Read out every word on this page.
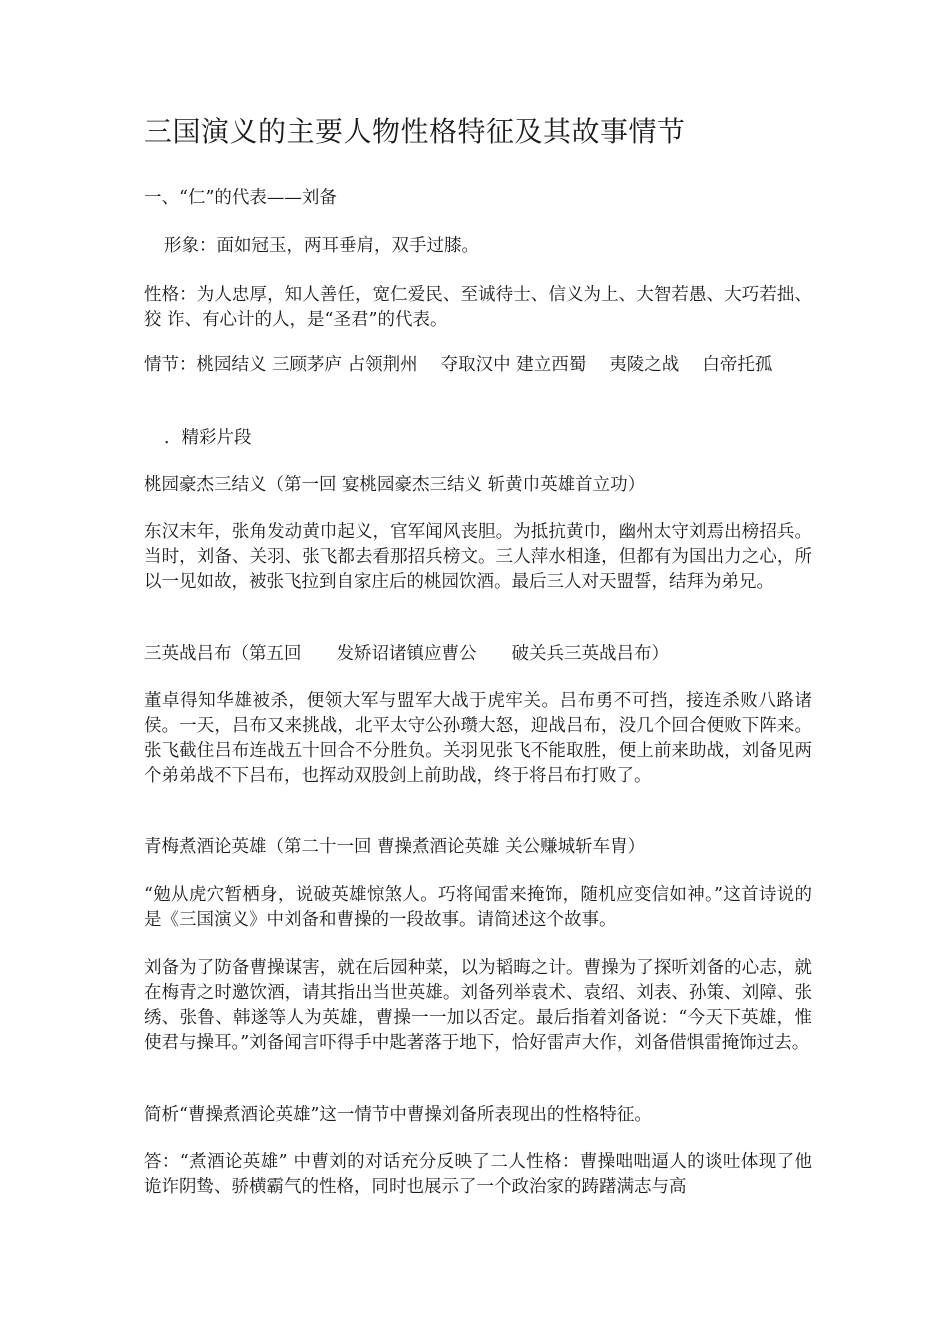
三国演义的主要人物性格特征及其故事情节
一、“仁”的代表——刘备
形象：面如冠玉，两耳垂肩，双手过膝。
性格：为人忠厚，知人善任，宽仁爱民、至诚待士、信义为上、大智若愚、大巧若拙、狡 诈、有心计的人，是“圣君”的代表。
情节：桃园结义 三顾茅庐 占领荆州　 夺取汉中 建立西蜀　 夷陵之战　 白帝托孤
．精彩片段
桃园豪杰三结义（第一回 宴桃园豪杰三结义 斩黄巾英雄首立功）
东汉末年，张角发动黄巾起义，官军闻风丧胆。为抵抗黄巾，幽州太守刘焉出榜招兵。当时，刘备、关羽、张飞都去看那招兵榜文。三人萍水相逢，但都有为国出力之心，所以一见如故，被张飞拉到自家庄后的桃园饮酒。最后三人对天盟誓，结拜为弟兄。
三英战吕布（第五回　　发矫诏诸镇应曹公　　破关兵三英战吕布）
董卓得知华雄被杀，便领大军与盟军大战于虎牢关。吕布勇不可挡，接连杀败八路诸侯。一天，吕布又来挑战，北平太守公孙瓒大怒，迎战吕布，没几个回合便败下阵来。张飞截住吕布连战五十回合不分胜负。关羽见张飞不能取胜，便上前来助战，刘备见两个弟弟战不下吕布，也挥动双股剑上前助战，终于将吕布打败了。
青梅煮酒论英雄（第二十一回 曹操煮酒论英雄 关公赚城斩车胄）
“勉从虎穴暂栖身，说破英雄惊煞人。巧将闻雷来掩饰，随机应变信如神。”这首诗说的是《三国演义》中刘备和曹操的一段故事。请简述这个故事。
刘备为了防备曹操谋害，就在后园种菜，以为韬晦之计。曹操为了探听刘备的心志，就在梅青之时邀饮酒，请其指出当世英雄。刘备列举袁术、袁绍、刘表、孙策、刘障、张绣、张鲁、韩遂等人为英雄，曹操一一加以否定。最后指着刘备说：“今天下英雄，惟使君与操耳。”刘备闻言吓得手中匙著落于地下，恰好雷声大作，刘备借惧雷掩饰过去。
简析“曹操煮酒论英雄”这一情节中曹操刘备所表现出的性格特征。
答：“煮酒论英雄” 中曹刘的对话充分反映了二人性格：曹操咄咄逼人的谈吐体现了他诡诈阴鸷、骄横霸气的性格，同时也展示了一个政治家的踌躇满志与高
